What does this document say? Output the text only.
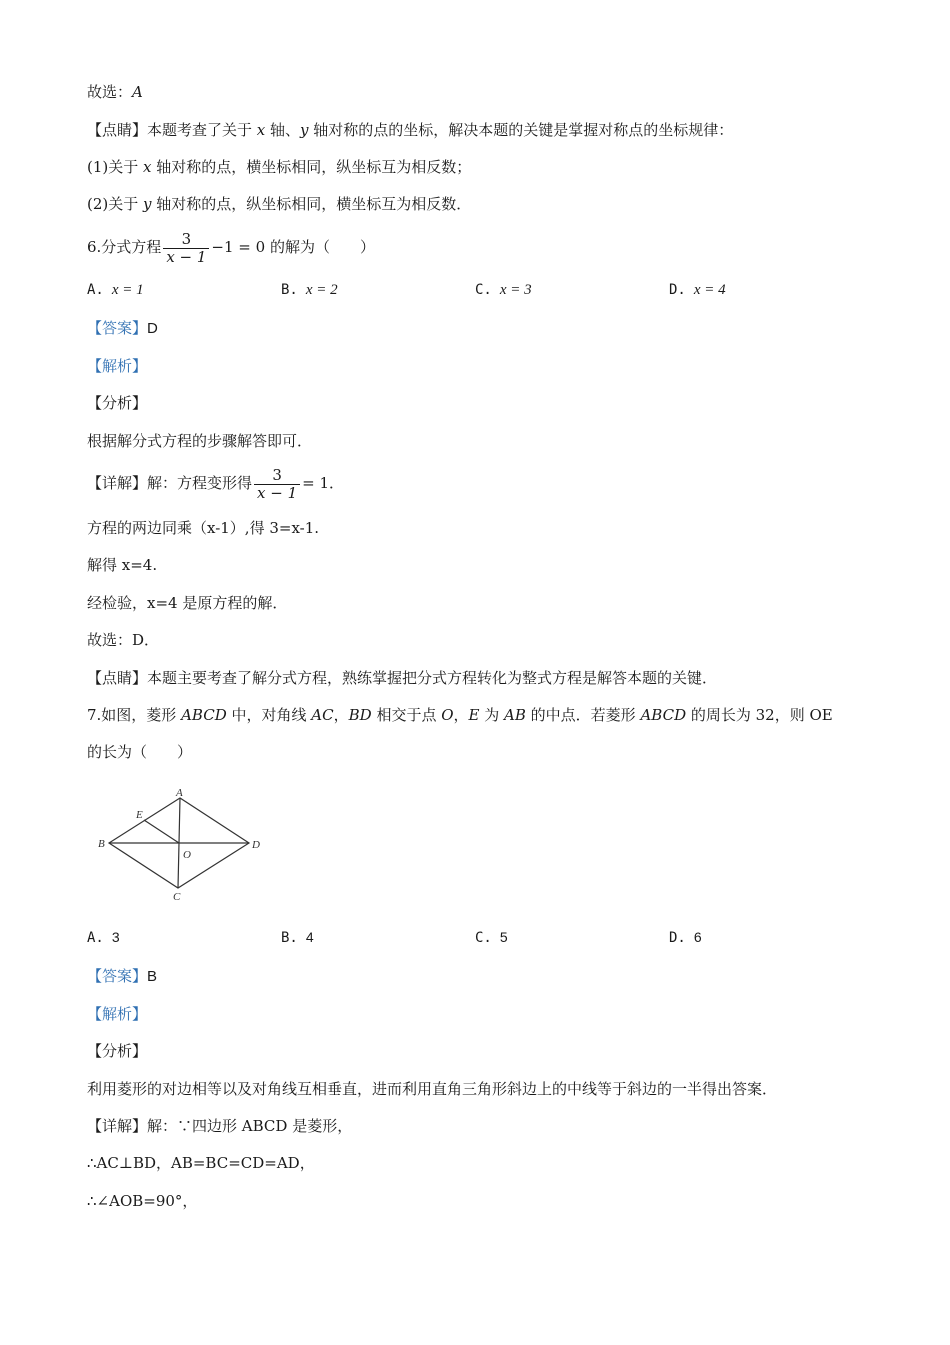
故选：A
【点睛】本题考查了关于 x 轴、y 轴对称的点的坐标，解决本题的关键是掌握对称点的坐标规律：
(1)关于 x 轴对称的点，横坐标相同，纵坐标互为相反数；
(2)关于 y 轴对称的点，纵坐标相同，横坐标互为相反数．
6.分式方程 $\frac{3}{x - 1} -1 = 0$ 的解为（　　）
A. x = 1	B. x = 2	C. x = 3	D. x = 4
【答案】D
【解析】
【分析】
根据解分式方程的步骤解答即可．
【详解】解：方程变形得 $\frac{3}{x - 1} = 1$．
方程的两边同乘（x-1）,得 3=x-1.
解得 x=4.
经检验，x=4 是原方程的解．
故选：D．
【点睛】本题主要考查了解分式方程，熟练掌握把分式方程转化为整式方程是解答本题的关键．
7.如图，菱形 ABCD 中，对角线 AC，BD 相交于点 O，E 为 AB 的中点．若菱形 ABCD 的周长为 32，则 OE
的长为（　　）
A
B
C
D
E
O
A. 3	B. 4	C. 5	D. 6
【答案】B
【解析】
【分析】
利用菱形的对边相等以及对角线互相垂直，进而利用直角三角形斜边上的中线等于斜边的一半得出答案．
【详解】解：∵四边形 ABCD 是菱形，
∴AC⊥BD，AB=BC=CD=AD，
∴∠AOB=90°，
